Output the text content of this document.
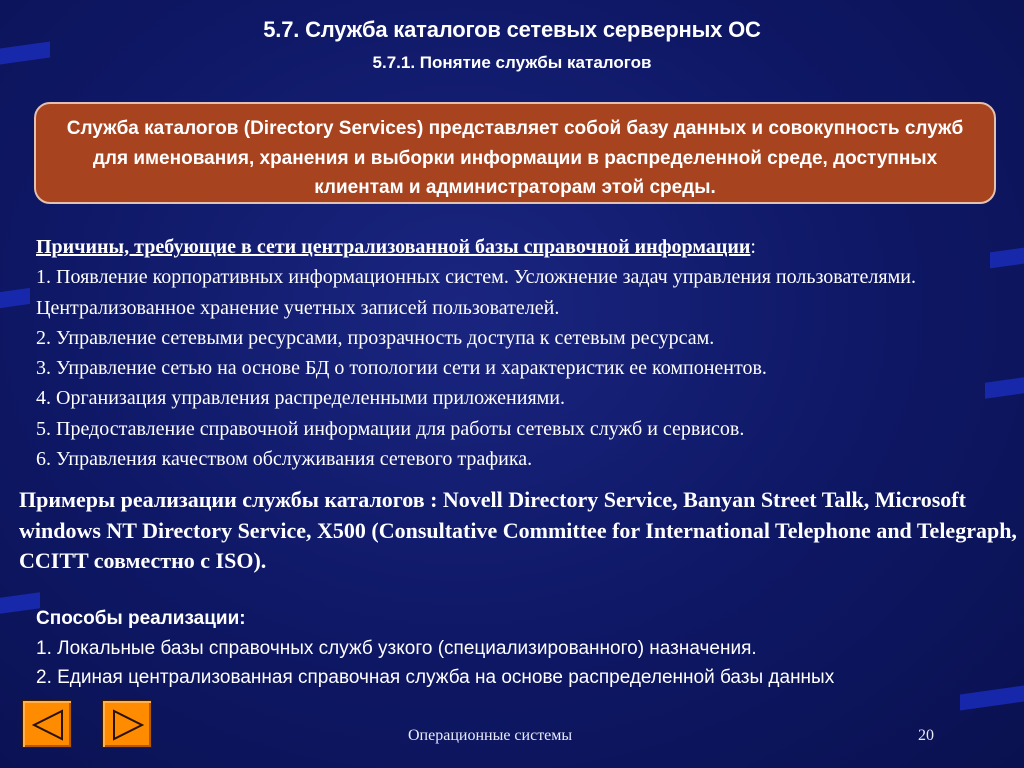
5.7. Служба каталогов сетевых серверных ОС
5.7.1. Понятие службы каталогов
Служба каталогов (Directory Services) представляет собой базу данных и совокупность служб для именования, хранения и выборки информации в распределенной среде, доступных клиентам и администраторам этой среды.

Причины, требующие в сети централизованной базы справочной информации:

1. Появление корпоративных информационных систем. Усложнение задач управления пользователями. Централизованное хранение учетных записей пользователей.

2. Управление сетевыми ресурсами, прозрачность доступа к сетевым ресурсам.

3. Управление сетью на основе БД о топологии сети и характеристик ее компонентов.

4. Организация управления распределенными приложениями.

5. Предоставление справочной информации для работы сетевых служб и сервисов.

6. Управления качеством обслуживания сетевого трафика.

Примеры реализации службы каталогов : Novell Directory Service, Banyan Street Talk, Microsoft windows NT Directory Service, X500 (Consultative Committee for International Telephone and Telegraph, CCITT совместно с ISO).

Способы реализации:

1. Локальные базы справочных служб узкого (специализированного) назначения.

2. Единая централизованная справочная служба на основе распределенной базы данных

Операционные системы	20
